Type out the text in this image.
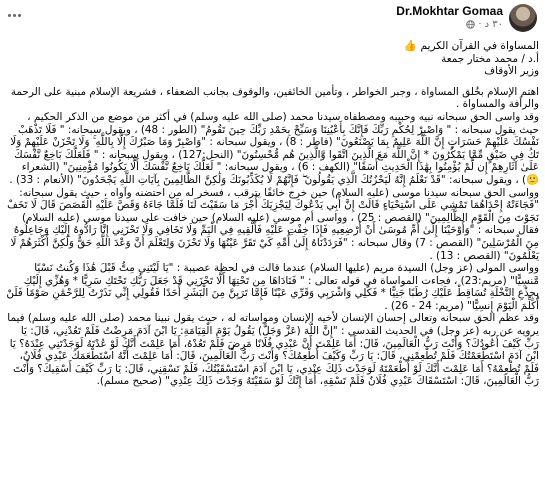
Dr.Mokhtar Gomaa
٣٠ د
·

المساواة في القرآن الكريم 👍

أ.د / محمد مختار جمعة

وزير الأوقاف

اهتم الإسلام بخُلق المساواة ، وجبر الخواطر ، وتأمين الخائفين، والوقوف بجانب الضعفاء ، فشريعة الإسلام مبنية على الرحمة والرأفة والمساواة .

وقد واسى الحق سبحانه نبيه وحبيبه ومصطفاه سيدنا محمد (صلى الله عليه وسلم) في أكثر من موضع من الذكر الحكيم ، حيث يقول سبحانه : " وَاصْبِرْ لِحُكْمِ رَبِّكَ فَإِنَّكَ بِأَعْيُنِنَا وَسَبِّحْ بِحَمْدِ رَبِّكَ حِينَ تَقُومُ" (الطور : 48) ، ويقول سبحانه: " فَلَا تَذْهَبْ نَفْسُكَ عَلَيْهِمْ حَسَرَاتٍ إِنَّ اللَّهَ عَلِيمٌ بِمَا يَصْنَعُونَ" (فاطر : 8) ، ويقول سبحانه : "وَاصْبِرْ وَمَا صَبْرُكَ إِلَّا بِاللَّهِ ۚ وَلَا تَحْزَنْ عَلَيْهِمْ وَلَا تَكُ فِي ضَيْقٍ مِّمَّا يَمْكُرُونَ * إِنَّ اللَّهَ مَعَ الَّذِينَ اتَّقَوا وَّالَّذِينَ هُم مُّحْسِنُونَ" (النحل:127) ، ويقول سبحانه : " فَلَعَلَّكَ بَاخِعٌ نَّفْسَكَ عَلَىٰ آثَارِهِمْ إِن لَّمْ يُؤْمِنُوا بِهَٰذَا الْحَدِيثِ أَسَفًا" (الكهف : 6) ، ويقول سبحانه: " لَعَلَّكَ بَاخِعٌ نَّفْسَكَ أَلَّا يَكُونُوا مُؤْمِنِينَ" (الشعراء 🙂) ، ويقول سبحانه: "قَدْ نَعْلَمُ إِنَّهُ لَيَحْزُنُكَ الَّذِي يَقُولُونَ ۖ فَإِنَّهُمْ لَا يُكَذِّبُونَكَ وَلَٰكِنَّ الظَّالِمِينَ بِآيَاتِ اللَّهِ يَجْحَدُونَ" (الأنعام : 33) .

وواسى الحق سبحانه سيدنا موسى (عليه السلام) حين خرج خائفًا يترقب ، فسخر له من احتضنه وآواه ، حيث يقول سبحانه: "فَجَاءَتْهُ إِحْدَاهُمَا تَمْشِي عَلَى اسْتِحْيَاءٍ قَالَتْ إِنَّ أَبِي يَدْعُوكَ لِيَجْزِيَكَ أَجْرَ مَا سَقَيْتَ لَنَا فَلَمَّا جَاءَهُ وَقَصَّ عَلَيْهِ الْقَصَصَ قَالَ لَا تَخَفْ نَجَوْتَ مِنَ الْقَوْمِ الظَّالِمِينَ" (القصص : 25) ، وواسى أم موسى (عليه السلام) حين خافت على سيدنا موسى (عليه السلام) فقال سبحانه : "وَأَوْحَيْنَا إِلَىٰ أُمِّ مُوسَىٰ أَنْ أَرْضِعِيهِ فَإِذَا خِفْتِ عَلَيْهِ فَأَلْقِيهِ فِي الْيَمِّ وَلَا تَخَافِي وَلَا تَحْزَنِي إِنَّا رَادُّوهُ إِلَيْكِ وَجَاعِلُوهُ مِنَ الْمُرْسَلِينَ" (القصص : 7) وقال سبحانه : "فَرَدَدْنَاهُ إِلَىٰ أُمِّهِ كَيْ تَقَرَّ عَيْنُهَا وَلَا تَحْزَنَ وَلِتَعْلَمَ أَنَّ وَعْدَ اللَّهِ حَقٌّ وَلَٰكِنَّ أَكْثَرَهُمْ لَا يَعْلَمُونَ" (القصص : 13) .

وواسى المولى (عز وجل) السيدة مريم (عليها السلام) عندما قالت في لحظة عصيبة : "يَا لَيْتَنِي مِتُّ قَبْلَ هَٰذَا وَكُنتُ نَسْيًا مَّنسِيًّا" (مريم:23) ، فجاءت المواساة في قوله تعالى : " فَنَادَاهَا مِن تَحْتِهَا أَلَّا تَحْزَنِي قَدْ جَعَلَ رَبُّكِ تَحْتَكِ سَرِيًّا * وَهُزِّي إِلَيْكِ بِجِذْعِ النَّخْلَةِ تُسَاقِطْ عَلَيْكِ رُطَبًا جَنِيًّا * فَكُلِي وَاشْرَبِي وَقَرِّي عَيْنًا فَإِمَّا تَرَيِنَّ مِنَ الْبَشَرِ أَحَدًا فَقُولِي إِنِّي نَذَرْتُ لِلرَّحْمَٰنِ صَوْمًا فَلَنْ أُكَلِّمَ الْيَوْمَ إِنسِيًّا" (مريم: 24 - 26) .

وقد عظم الحق سبحانه وتعالى إحسان الإنسان لأخيه الإنسان ومواساته له ، حيث يقول نبينا محمد (صلى الله عليه وسلم) فيما يرويه عن ربه (عز وجل) في الحديث القدسي : "إِنَّ اللَّهَ (عَزَّ وَجَلَّ) يَقُولُ يَوْمَ الْقِيَامَةِ: يَا ابْنَ آدَمَ مَرِضْتُ فَلَمْ تَعُدْنِي، قَالَ: يَا رَبِّ كَيْفَ أَعُودُكَ؟ وَأَنْتَ رَبُّ الْعَالَمِينَ، قَالَ: أَمَا عَلِمْتَ أَنَّ عَبْدِي فُلَانًا مَرِضَ فَلَمْ تَعُدْهُ، أَمَا عَلِمْتَ أَنَّكَ لَوْ عُدْتَهُ لَوَجَدْتَنِي عِنْدَهُ؟ يَا ابْنَ آدَمَ اسْتَطْعَمْتُكَ فَلَمْ تُطْعِمْنِي، قَالَ: يَا رَبِّ وَكَيْفَ أُطْعِمُكَ؟ وَأَنْتَ رَبُّ الْعَالَمِينَ، قَالَ: أَمَا عَلِمْتَ أَنَّهُ اسْتَطْعَمَكَ عَبْدِي فُلَانٌ، فَلَمْ تُطْعِمْهُ؟ أَمَا عَلِمْتَ أَنَّكَ لَوْ أَطْعَمْتَهُ لَوَجَدْتَ ذَلِكَ عِنْدِي، يَا ابْنَ آدَمَ اسْتَسْقَيْتُكَ، فَلَمْ تَسْقِنِي، قَالَ: يَا رَبِّ كَيْفَ أَسْقِيكَ؟ وَأَنْتَ رَبُّ الْعَالَمِينَ، قَالَ: اسْتَسْقَاكَ عَبْدِي فُلَانٌ فَلَمْ تَسْقِهِ، أَمَا إِنَّكَ لَوْ سَقَيْتَهُ وَجَدْتَ ذَلِكَ عِنْدِي" (صحيح مسلم).
